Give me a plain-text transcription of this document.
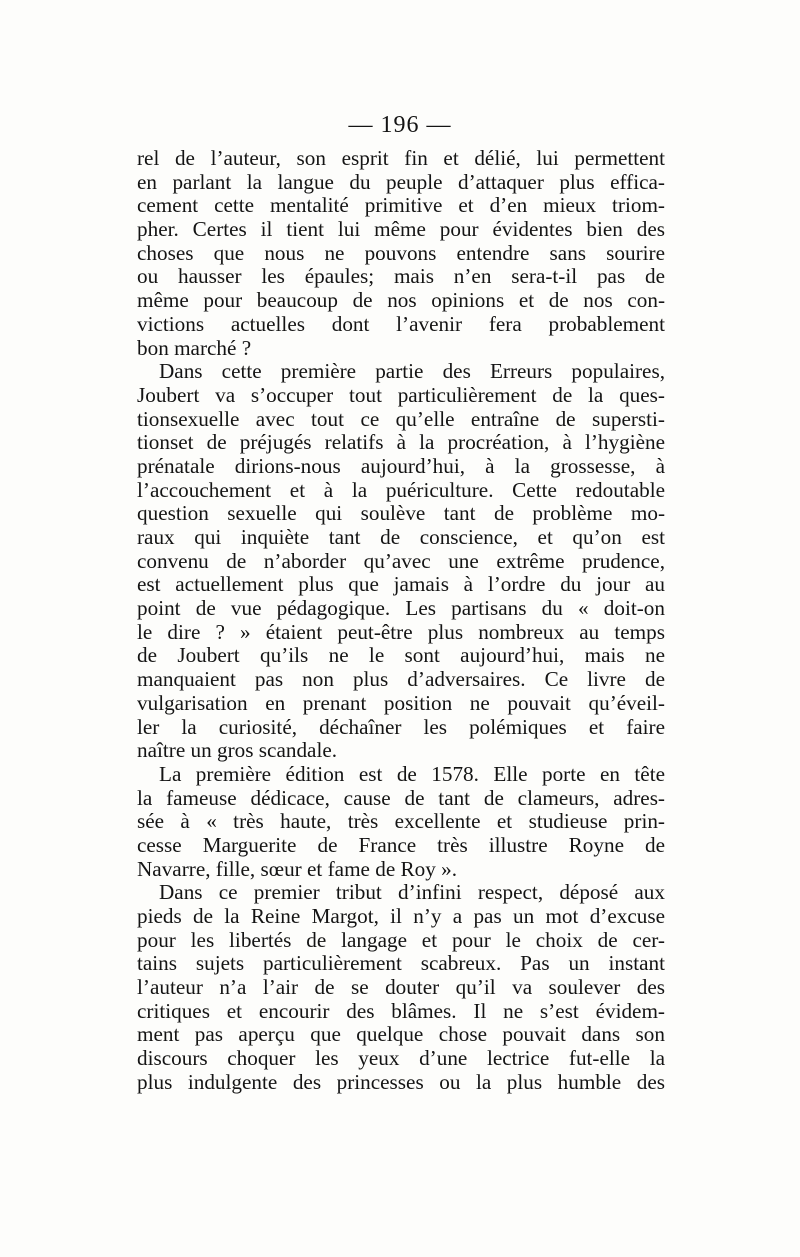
— 196 —
rel de l’auteur, son esprit fin et délié, lui permettent
en parlant la langue du peuple d’attaquer plus effica-
cement cette mentalité primitive et d’en mieux triom-
pher. Certes il tient lui même pour évidentes bien des
choses que nous ne pouvons entendre sans sourire
ou hausser les épaules; mais n’en sera-t-il pas de
même pour beaucoup de nos opinions et de nos con-
victions actuelles dont l’avenir fera probablement
bon marché ?
Dans cette première partie des Erreurs populaires,
Joubert va s’occuper tout particulièrement de la ques-
tionsexuelle avec tout ce qu’elle entraîne de supersti-
tionset de préjugés relatifs à la procréation, à l’hygiène
prénatale dirions-nous aujourd’hui, à la grossesse, à
l’accouchement et à la puériculture. Cette redoutable
question sexuelle qui soulève tant de problème mo-
raux qui inquiète tant de conscience, et qu’on est
convenu de n’aborder qu’avec une extrême prudence,
est actuellement plus que jamais à l’ordre du jour au
point de vue pédagogique. Les partisans du « doit-on
le dire ? » étaient peut-être plus nombreux au temps
de Joubert qu’ils ne le sont aujourd’hui, mais ne
manquaient pas non plus d’adversaires. Ce livre de
vulgarisation en prenant position ne pouvait qu’éveil-
ler la curiosité, déchaîner les polémiques et faire
naître un gros scandale.
La première édition est de 1578. Elle porte en tête
la fameuse dédicace, cause de tant de clameurs, adres-
sée à « très haute, très excellente et studieuse prin-
cesse Marguerite de France très illustre Royne de
Navarre, fille, sœur et fame de Roy ».
Dans ce premier tribut d’infini respect, déposé aux
pieds de la Reine Margot, il n’y a pas un mot d’excuse
pour les libertés de langage et pour le choix de cer-
tains sujets particulièrement scabreux. Pas un instant
l’auteur n’a l’air de se douter qu’il va soulever des
critiques et encourir des blâmes. Il ne s’est évidem-
ment pas aperçu que quelque chose pouvait dans son
discours choquer les yeux d’une lectrice fut-elle la
plus indulgente des princesses ou la plus humble des
